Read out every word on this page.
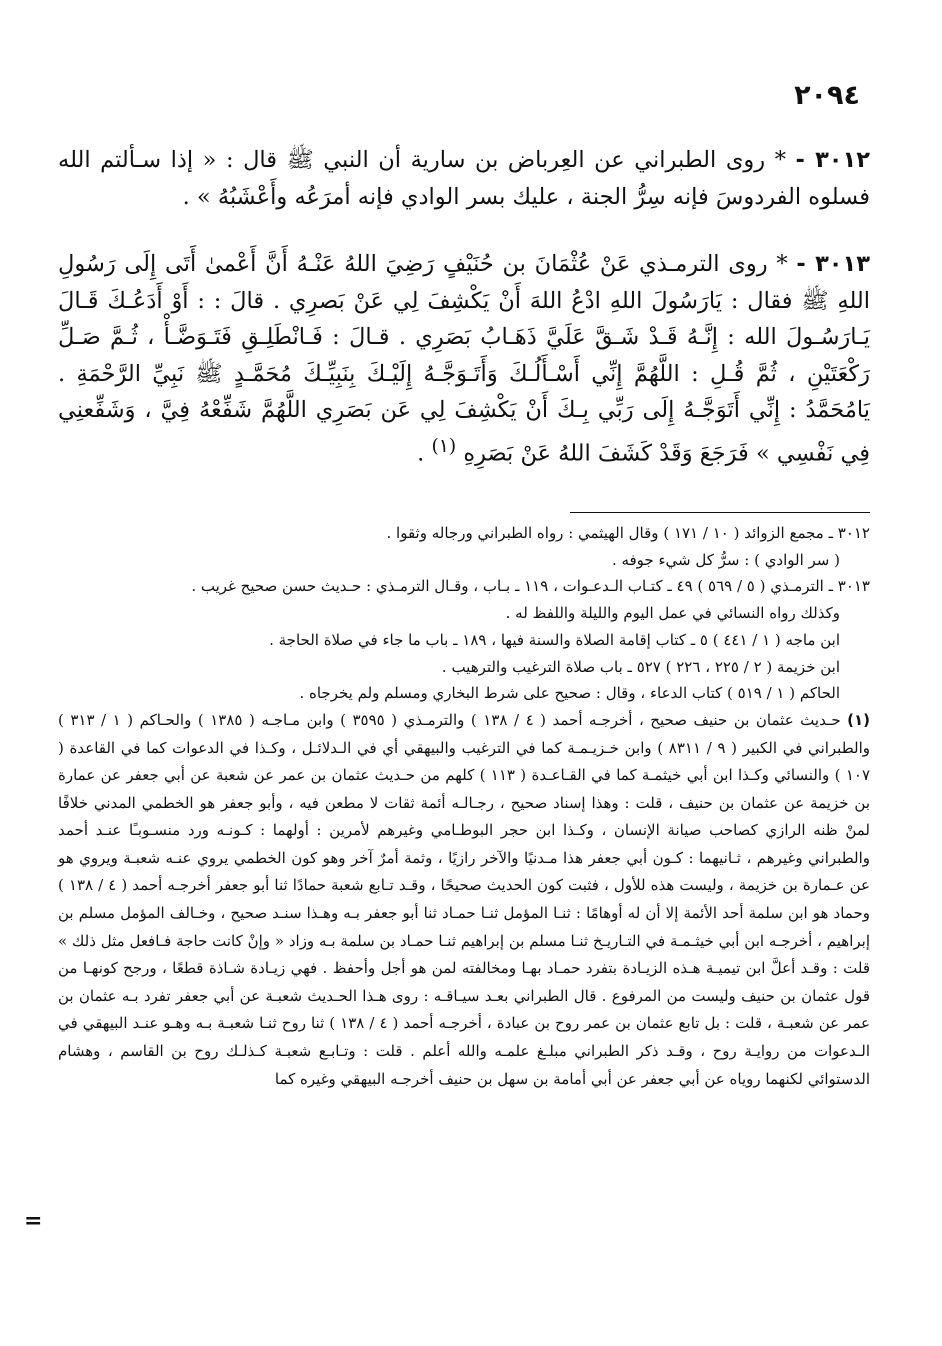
٢٠٩٤

٣٠١٢ - * روى الطبراني عن العِرباض بن سارية أن النبي ﷺ قال : « إذا سـألتم الله فسلوه الفردوسَ فإنه سِرُّ الجنة ، عليك بسر الوادي فإنه أمرَعُه وأَعْشَبُهُ » .

٣٠١٣ - * روى الترمـذي عَنْ عُثْمَانَ بن حُنَيْفٍ رَضِيَ اللهُ عَنْـهُ أَنَّ أَعْمىٰ أَتَى إِلَى رَسُولِ اللهِ ﷺ فقال : يَارَسُولَ اللهِ ادْعُ اللهَ أَنْ يَكْشِفَ لِي عَنْ بَصرِي . قالَ : : أَوْ أَدَعُـكَ قَـالَ يَـارَسُـولَ الله : إِنَّـهُ قَـدْ شَـقَّ عَلَيَّ ذَهَـابُ بَصَرِي . قـالَ : فَـانْطَلِـقِ فَتَـوَضَّـأْ ، ثُـمَّ صَـلِّ رَكْعَتَيْنِ ، ثُمَّ قُـلِ : اللَّهُمَّ إِنِّي أَسْـأَلُـكَ وَأَتَـوَجَّـهُ إِلَيْـكَ بِنَبِيِّـكَ مُحَمَّـدٍ ﷺ نَبِيِّ الرَّحْمَةِ . يَامُحَمَّدُ : إِنِّي أَتَوَجَّـهُ إِلَى رَبِّي بِـكَ أَنْ يَكْشِفَ لِي عَن بَصَرِي اللَّهُمَّ شَفِّعْهُ فِيَّ ، وَشَفِّعنِي فِي نَفْسِي » فَرَجَعَ وَقَدْ كَشَفَ اللهُ عَنْ بَصَرِهِ $^{(١)}$ .

٣٠١٢ ـ مجمع الزوائد ( ١٠ / ١٧١ ) وقال الهيثمي : رواه الطبراني ورجاله وثقوا .

( سر الوادي ) : سرُّ كل شيء جوفه .

٣٠١٣ ـ الترمـذي ( ٥ / ٥٦٩ ) ٤٩ ـ كتـاب الـدعـوات ، ١١٩ ـ بـاب ، وقـال الترمـذي : حـديث حسن صحيح غريب .

وكذلك رواه النسائي في عمل اليوم والليلة واللفظ له .

ابن ماجه ( ١ / ٤٤١ ) ٥ ـ كتاب إقامة الصلاة والسنة فيها ، ١٨٩ ـ باب ما جاء في صلاة الحاجة .

ابن خزيمة ( ٢ / ٢٢٥ ، ٢٢٦ ) ٥٢٧ ـ باب صلاة الترغيب والترهيب .

الحاكم ( ١ / ٥١٩ ) كتاب الدعاء ، وقال : صحيح على شرط البخاري ومسلم ولم يخرجاه .

(١) حـديث عثمان بن حنيف صحيح ، أخرجـه أحمد ( ٤ / ١٣٨ ) والترمـذي ( ٣٥٩٥ ) وابن مـاجـه ( ١٣٨٥ ) والحـاكم ( ١ / ٣١٣ ) والطبراني في الكبير ( ٩ / ٨٣١١ ) وابن خـزيـمـة كما في الترغيب والبيهقي أي في الـدلائـل ، وكـذا في الدعوات كما في القاعدة ( ١٠٧ ) والنسائي وكـذا ابن أبي خيثمـة كما في القـاعـدة ( ١١٣ ) كلهم من حـديث عثمان بن عمر عن شعبة عن أبي جعفر عن عمارة بن خزيمة عن عثمان بن حنيف ، قلت : وهذا إسناد صحيح ، رجـالـه أئمة ثقات لا مطعن فيه ، وأبو جعفر هو الخطمي المدني خلافًا لمنْ ظنه الرازي كصاحب صيانة الإنسان ، وكـذا ابن حجر البوطـامي وغيرهم لأمرين : أولهما : كـونـه ورد منسـوبـًا عنـد أحمد والطبراني وغيرهم ، ثـانيهما : كـون أبي جعفر هذا مـدنيًا والآخر رازيًا ، وثمة أمرٌ آخر وهو كون الخطمي يروي عنـه شعبـة ويروي هو عن عـمارة بن خزيمة ، وليست هذه للأول ، فثبت كون الحديث صحيحًا ، وقـد تـابع شعبة حمادًا ثنا أبو جعفر أخرجـه أحمد ( ٤ / ١٣٨ ) وحماد هو ابن سلمة أحد الأئمة إلا أن له أوهامًا : ثنـا المؤمل ثنـا حمـاد ثنا أبو جعفر بـه وهـذا سنـد صحيح ، وخـالف المؤمل مسلم بن إبراهيم ، أخرجـه ابن أبي خيثـمـة في التـاريـخ ثنـا مسلم بن إبراهيم ثنـا حمـاد بن سلمة بـه وزاد « وإنْ كانت حاجة فـافعل مثل ذلك » قلت : وقـد أعلَّ ابن تيميـة هـذه الزيـادة بتفرد حمـاد بهـا ومخالفته لمن هو أجل وأحفظ . فهي زيـادة شـاذة قطعًا ، ورجح كونهـا من قول عثمان بن حنيف وليست من المرفوع . قال الطبراني بعـد سيـاقـه : روى هـذا الحـديث شعبـة عن أبي جعفر تفرد بـه عثمان بن عمر عن شعبـة ، قلت : بل تابع عثمان بن عمر روح بن عبادة ، أخرجـه أحمد ( ٤ / ١٣٨ ) ثنا روح ثنـا شعبـة بـه وهـو عنـد البيهقي في الـدعوات من روايـة روح ، وقـد ذكر الطبراني مبلـغ علمـه والله أعلم . قلت : وتـابـع شعبـة كـذلـك روح بن القاسم ، وهشام الدستوائي لكنهما روياه عن أبي جعفر عن أبي أمامة بن سهل بن حنيف أخرجـه البيهقي وغيره كما

=
